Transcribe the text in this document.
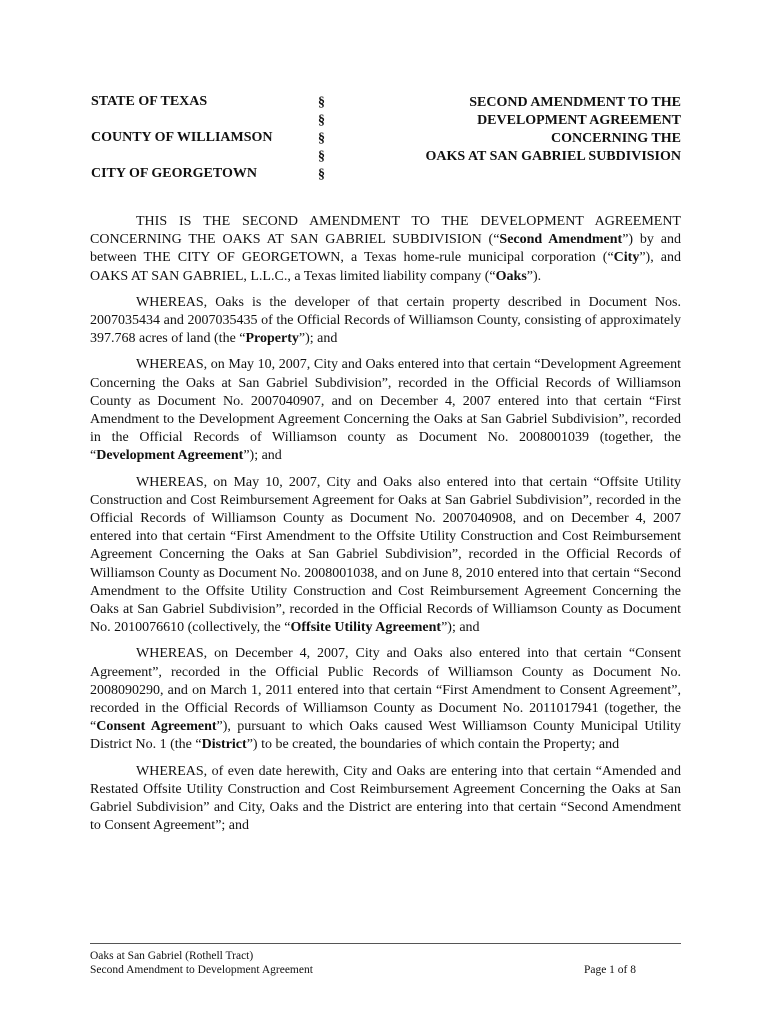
STATE OF TEXAS
COUNTY OF WILLIAMSON
CITY OF GEORGETOWN
§
§
§
§
§
SECOND AMENDMENT TO THE
DEVELOPMENT AGREEMENT
CONCERNING THE
OAKS AT SAN GABRIEL SUBDIVISION

THIS IS THE SECOND AMENDMENT TO THE DEVELOPMENT AGREEMENT CONCERNING THE OAKS AT SAN GABRIEL SUBDIVISION (“Second Amendment”) by and between THE CITY OF GEORGETOWN, a Texas home-rule municipal corporation (“City”), and OAKS AT SAN GABRIEL, L.L.C., a Texas limited liability company (“Oaks”).

WHEREAS, Oaks is the developer of that certain property described in Document Nos. 2007035434 and 2007035435 of the Official Records of Williamson County, consisting of approximately 397.768 acres of land (the “Property”); and

WHEREAS, on May 10, 2007, City and Oaks entered into that certain “Development Agreement Concerning the Oaks at San Gabriel Subdivision”, recorded in the Official Records of Williamson County as Document No. 2007040907, and on December 4, 2007 entered into that certain “First Amendment to the Development Agreement Concerning the Oaks at San Gabriel Subdivision”, recorded in the Official Records of Williamson county as Document No. 2008001039 (together, the “Development Agreement”); and

WHEREAS, on May 10, 2007, City and Oaks also entered into that certain “Offsite Utility Construction and Cost Reimbursement Agreement for Oaks at San Gabriel Subdivision”, recorded in the Official Records of Williamson County as Document No. 2007040908, and on December 4, 2007 entered into that certain “First Amendment to the Offsite Utility Construction and Cost Reimbursement Agreement Concerning the Oaks at San Gabriel Subdivision”, recorded in the Official Records of Williamson County as Document No. 2008001038, and on June 8, 2010 entered into that certain “Second Amendment to the Offsite Utility Construction and Cost Reimbursement Agreement Concerning the Oaks at San Gabriel Subdivision”, recorded in the Official Records of Williamson County as Document No. 2010076610 (collectively, the “Offsite Utility Agreement”); and

WHEREAS, on December 4, 2007, City and Oaks also entered into that certain “Consent Agreement”, recorded in the Official Public Records of Williamson County as Document No. 2008090290, and on March 1, 2011 entered into that certain “First Amendment to Consent Agreement”, recorded in the Official Records of Williamson County as Document No. 2011017941 (together, the “Consent Agreement”), pursuant to which Oaks caused West Williamson County Municipal Utility District No. 1 (the “District”) to be created, the boundaries of which contain the Property; and

WHEREAS, of even date herewith, City and Oaks are entering into that certain “Amended and Restated Offsite Utility Construction and Cost Reimbursement Agreement Concerning the Oaks at San Gabriel Subdivision” and City, Oaks and the District are entering into that certain “Second Amendment to Consent Agreement”; and

Oaks at San Gabriel (Rothell Tract)
Second Amendment to Development Agreement	Page 1 of 8
